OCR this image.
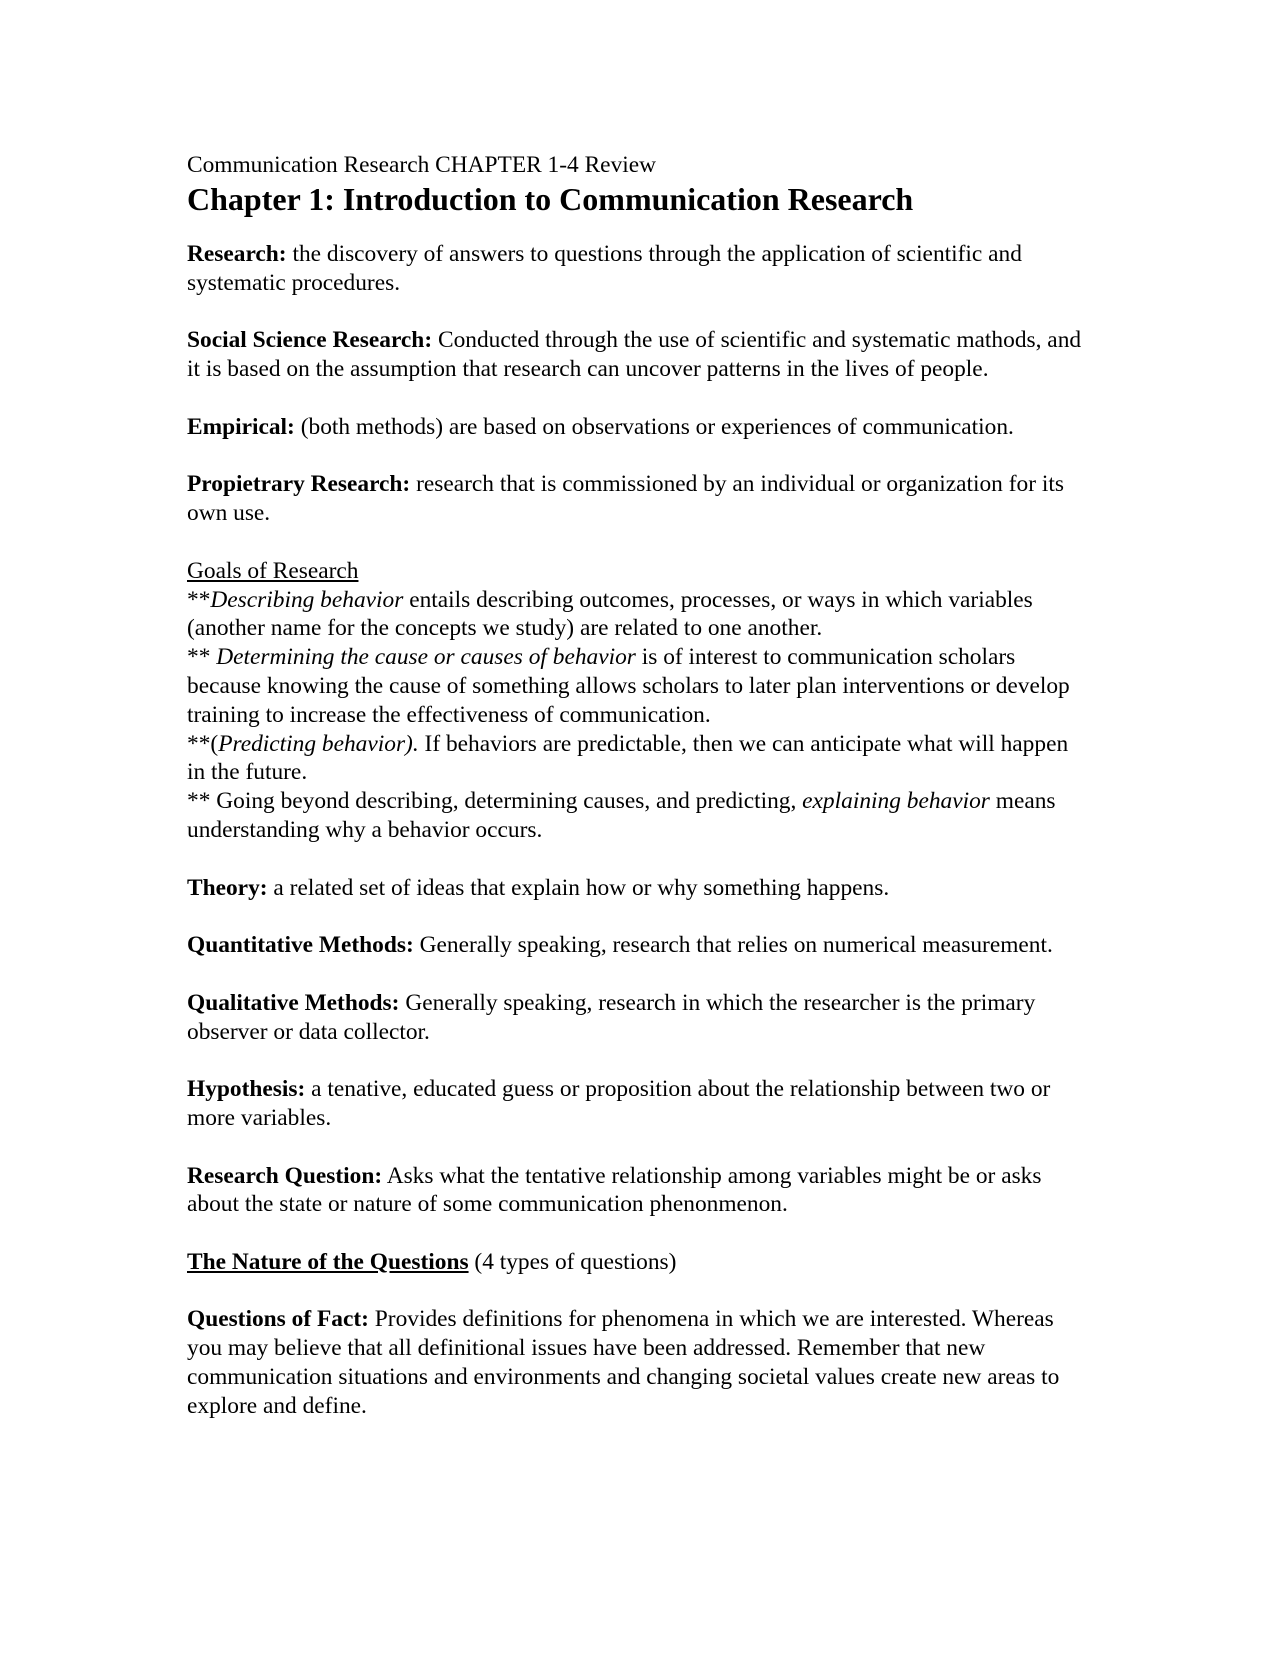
Communication Research CHAPTER 1-4 Review

Chapter 1: Introduction to Communication Research

Research: the discovery of answers to questions through the application of scientific and systematic procedures.

Social Science Research: Conducted through the use of scientific and systematic mathods, and it is based on the assumption that research can uncover patterns in the lives of people.

Empirical: (both methods) are based on observations or experiences of communication.

Propietrary Research: research that is commissioned by an individual or organization for its own use.

Goals of Research

**Describing behavior entails describing outcomes, processes, or ways in which variables (another name for the concepts we study) are related to one another.

** Determining the cause or causes of behavior is of interest to communication scholars because knowing the cause of something allows scholars to later plan interventions or develop training to increase the effectiveness of communication.

**(Predicting behavior). If behaviors are predictable, then we can anticipate what will happen in the future.

** Going beyond describing, determining causes, and predicting, explaining behavior means understanding why a behavior occurs.

Theory: a related set of ideas that explain how or why something happens.

Quantitative Methods: Generally speaking, research that relies on numerical measurement.

Qualitative Methods: Generally speaking, research in which the researcher is the primary observer or data collector.

Hypothesis: a tenative, educated guess or proposition about the relationship between two or more variables.

Research Question: Asks what the tentative relationship among variables might be or asks about the state or nature of some communication phenonmenon.

The Nature of the Questions (4 types of questions)

Questions of Fact: Provides definitions for phenomena in which we are interested. Whereas you may believe that all definitional issues have been addressed. Remember that new communication situations and environments and changing societal values create new areas to explore and define.
